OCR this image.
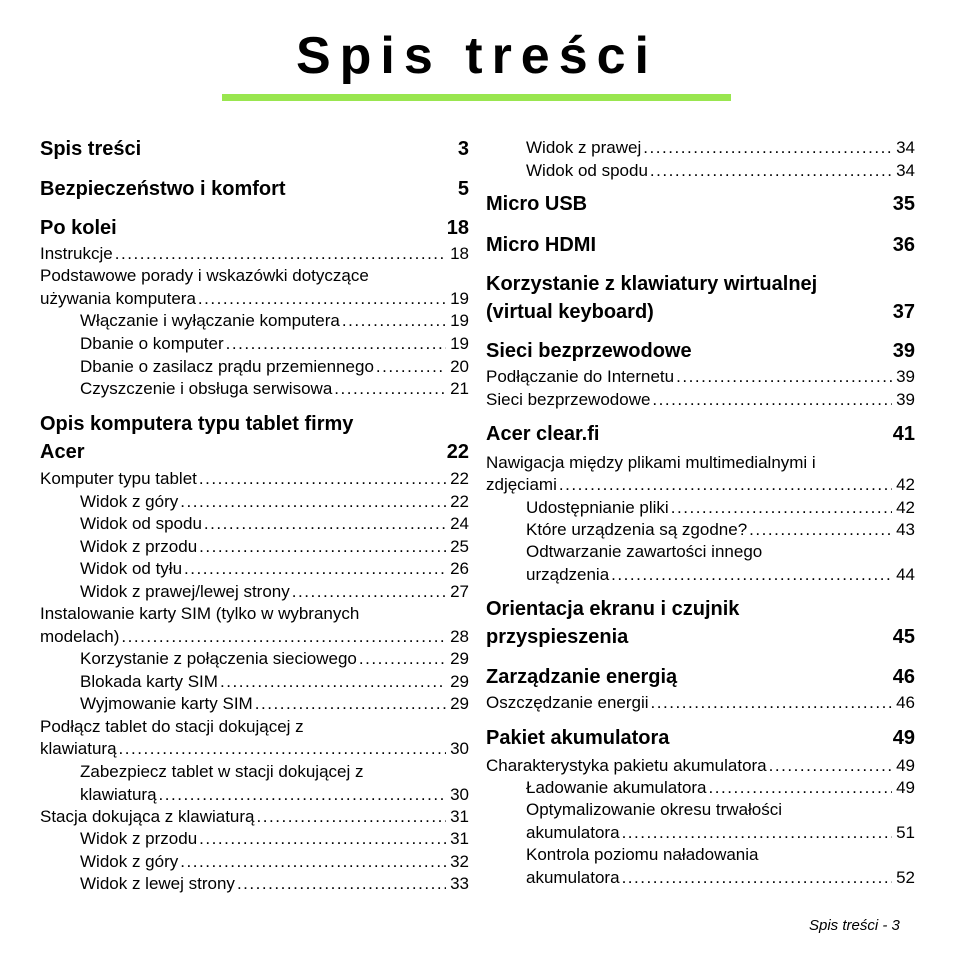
Spis treści
Spis treści	3
Bezpieczeństwo i komfort	5
Po kolei	18
Instrukcje . . .	18
Podstawowe porady i wskazówki dotyczące
używania komputera . . .	19
Włączanie i wyłączanie komputera . . .	19
Dbanie o komputer . . .	19
Dbanie o zasilacz prądu przemiennego . . .	20
Czyszczenie i obsługa serwisowa . . .	21
Opis komputera typu tablet firmy
Acer	22
Komputer typu tablet . . .	22
Widok z góry . . .	22
Widok od spodu . . .	24
Widok z przodu . . .	25
Widok od tyłu . . .	26
Widok z prawej/lewej strony . . .	27
Instalowanie karty SIM (tylko w wybranych
modelach) . . .	28
Korzystanie z połączenia sieciowego . . .	29
Blokada karty SIM . . .	29
Wyjmowanie karty SIM . . .	29
Podłącz tablet do stacji dokującej z
klawiaturą . . .	30
Zabezpiecz tablet w stacji dokującej z
klawiaturą . . .	30
Stacja dokująca z klawiaturą . . .	31
Widok z przodu . . .	31
Widok z góry . . .	32
Widok z lewej strony . . .	33
Widok z prawej . . .	34
Widok od spodu . . .	34
Micro USB	35
Micro HDMI	36
Korzystanie z klawiatury wirtualnej
(virtual keyboard)	37
Sieci bezprzewodowe	39
Podłączanie do Internetu . . .	39
Sieci bezprzewodowe . . .	39
Acer clear.fi	41
Nawigacja między plikami multimedialnymi i
zdjęciami . . .	42
Udostępnianie pliki . . .	42
Które urządzenia są zgodne? . . .	43
Odtwarzanie zawartości innego
urządzenia . . .	44
Orientacja ekranu i czujnik
przyspieszenia	45
Zarządzanie energią	46
Oszczędzanie energii . . .	46
Pakiet akumulatora	49
Charakterystyka pakietu akumulatora . . .	49
Ładowanie akumulatora . . .	49
Optymalizowanie okresu trwałości
akumulatora . . .	51
Kontrola poziomu naładowania
akumulatora . . .	52
Spis treści - 3
